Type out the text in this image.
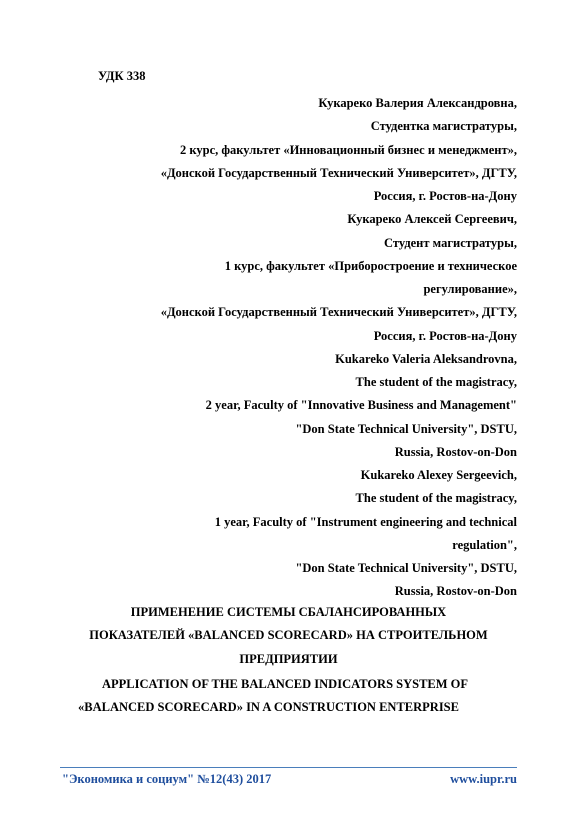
УДК 338
Кукареко Валерия Александровна,
Студентка магистратуры,
2 курс, факультет «Инновационный бизнес и менеджмент»,
«Донской Государственный Технический Университет», ДГТУ,
Россия, г. Ростов-на-Дону
Кукареко Алексей Сергеевич,
Студент магистратуры,
1 курс, факультет «Приборостроение и техническое
регулирование»,
«Донской Государственный Технический Университет», ДГТУ,
Россия, г. Ростов-на-Дону
Kukareko Valeria Aleksandrovna,
The student of the magistracy,
2 year, Faculty of "Innovative Business and Management"
"Don State Technical University", DSTU,
Russia, Rostov-on-Don
Kukareko Alexey Sergeevich,
The student of the magistracy,
1 year, Faculty of "Instrument engineering and technical
regulation",
"Don State Technical University", DSTU,
Russia, Rostov-on-Don
ПРИМЕНЕНИЕ СИСТЕМЫ СБАЛАНСИРОВАННЫХ
ПОКАЗАТЕЛЕЙ «BALANCED SCORECARD» НА СТРОИТЕЛЬНОМ
ПРЕДПРИЯТИИ
APPLICATION OF THE BALANCED INDICATORS SYSTEM OF
«BALANCED SCORECARD» IN A CONSTRUCTION ENTERPRISE
"Экономика и социум" №12(43) 2017	www.iupr.ru
